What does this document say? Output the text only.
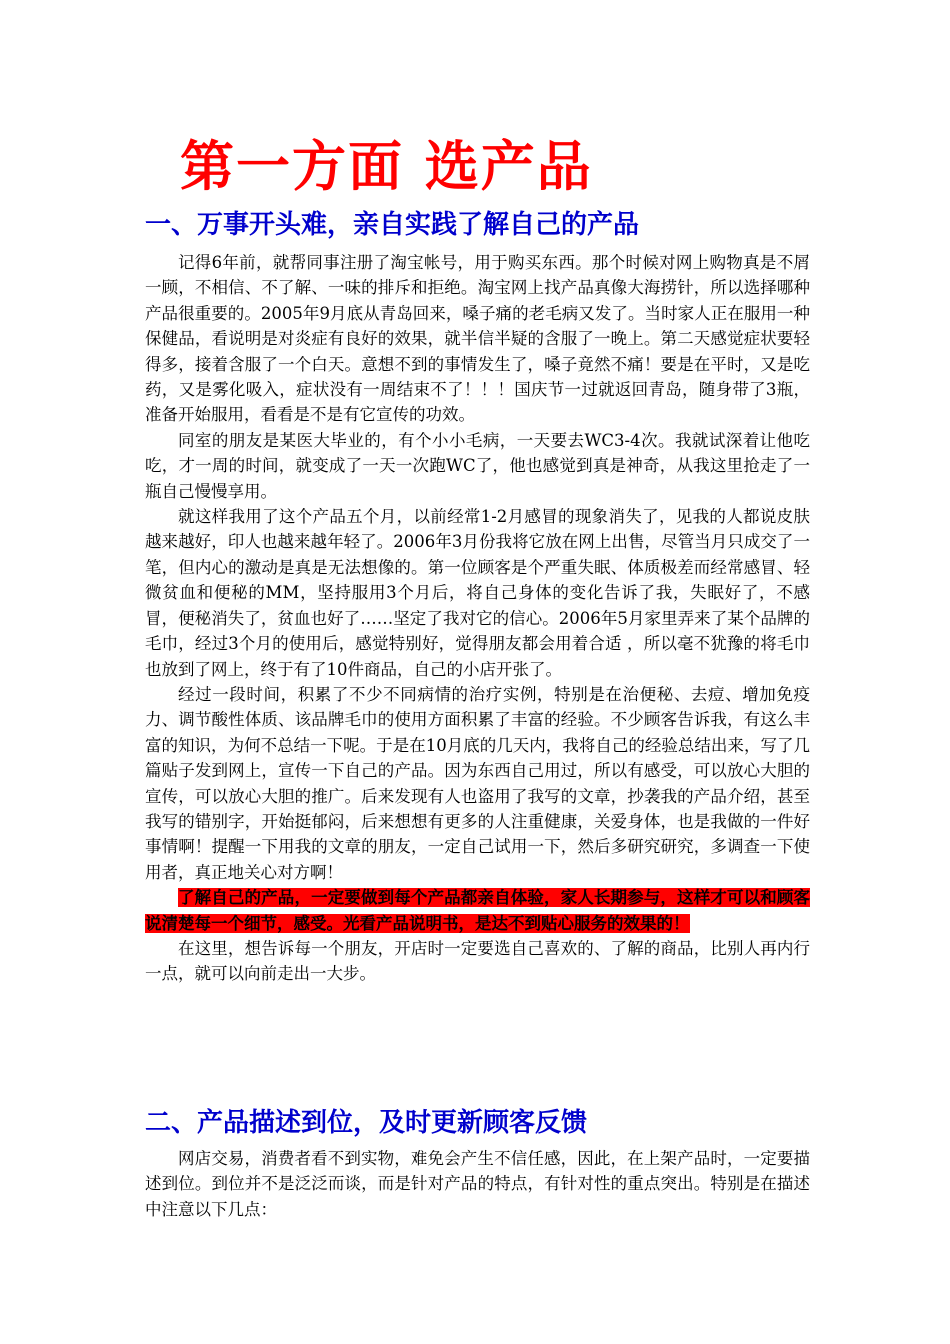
第一方面 选产品
一、万事开头难，亲自实践了解自己的产品

记得6年前，就帮同事注册了淘宝帐号，用于购买东西。那个时候对网上购物真是不屑一顾，不相信、不了解、一味的排斥和拒绝。淘宝网上找产品真像大海捞针，所以选择哪种产品很重要的。2005年9月底从青岛回来，嗓子痛的老毛病又发了。当时家人正在服用一种保健品，看说明是对炎症有良好的效果，就半信半疑的含服了一晚上。第二天感觉症状要轻得多，接着含服了一个白天。意想不到的事情发生了，嗓子竟然不痛！要是在平时，又是吃药，又是雾化吸入，症状没有一周结束不了！！！国庆节一过就返回青岛，随身带了3瓶，准备开始服用，看看是不是有它宣传的功效。

同室的朋友是某医大毕业的，有个小小毛病，一天要去WC3-4次。我就试深着让他吃吃，才一周的时间，就变成了一天一次跑WC了，他也感觉到真是神奇，从我这里抢走了一瓶自己慢慢享用。

就这样我用了这个产品五个月，以前经常1-2月感冒的现象消失了，见我的人都说皮肤越来越好，印人也越来越年轻了。2006年3月份我将它放在网上出售，尽管当月只成交了一笔，但内心的激动是真是无法想像的。第一位顾客是个严重失眠、体质极差而经常感冒、轻微贫血和便秘的MM，坚持服用3个月后，将自己身体的变化告诉了我，失眠好了，不感冒，便秘消失了，贫血也好了……坚定了我对它的信心。2006年5月家里弄来了某个品牌的毛巾，经过3个月的使用后，感觉特别好，觉得朋友都会用着合适 ，所以毫不犹豫的将毛巾也放到了网上，终于有了10件商品，自己的小店开张了。

经过一段时间，积累了不少不同病情的治疗实例，特别是在治便秘、去痘、增加免疫力、调节酸性体质、该品牌毛巾的使用方面积累了丰富的经验。不少顾客告诉我，有这么丰富的知识，为何不总结一下呢。于是在10月底的几天内，我将自己的经验总结出来，写了几篇贴子发到网上，宣传一下自己的产品。因为东西自己用过，所以有感受，可以放心大胆的宣传，可以放心大胆的推广。后来发现有人也盗用了我写的文章，抄袭我的产品介绍，甚至我写的错别字，开始挺郁闷，后来想想有更多的人注重健康，关爱身体，也是我做的一件好事情啊！提醒一下用我的文章的朋友，一定自己试用一下，然后多研究研究，多调查一下使用者，真正地关心对方啊！

了解自己的产品，一定要做到每个产品都亲自体验，家人长期参与，这样才可以和顾客说清楚每一个细节，感受。光看产品说明书，是达不到贴心服务的效果的！

在这里，想告诉每一个朋友，开店时一定要选自己喜欢的、了解的商品，比别人再内行一点，就可以向前走出一大步。

二、产品描述到位，及时更新顾客反馈

网店交易，消费者看不到实物，难免会产生不信任感，因此，在上架产品时，一定要描述到位。到位并不是泛泛而谈，而是针对产品的特点，有针对性的重点突出。特别是在描述中注意以下几点：
